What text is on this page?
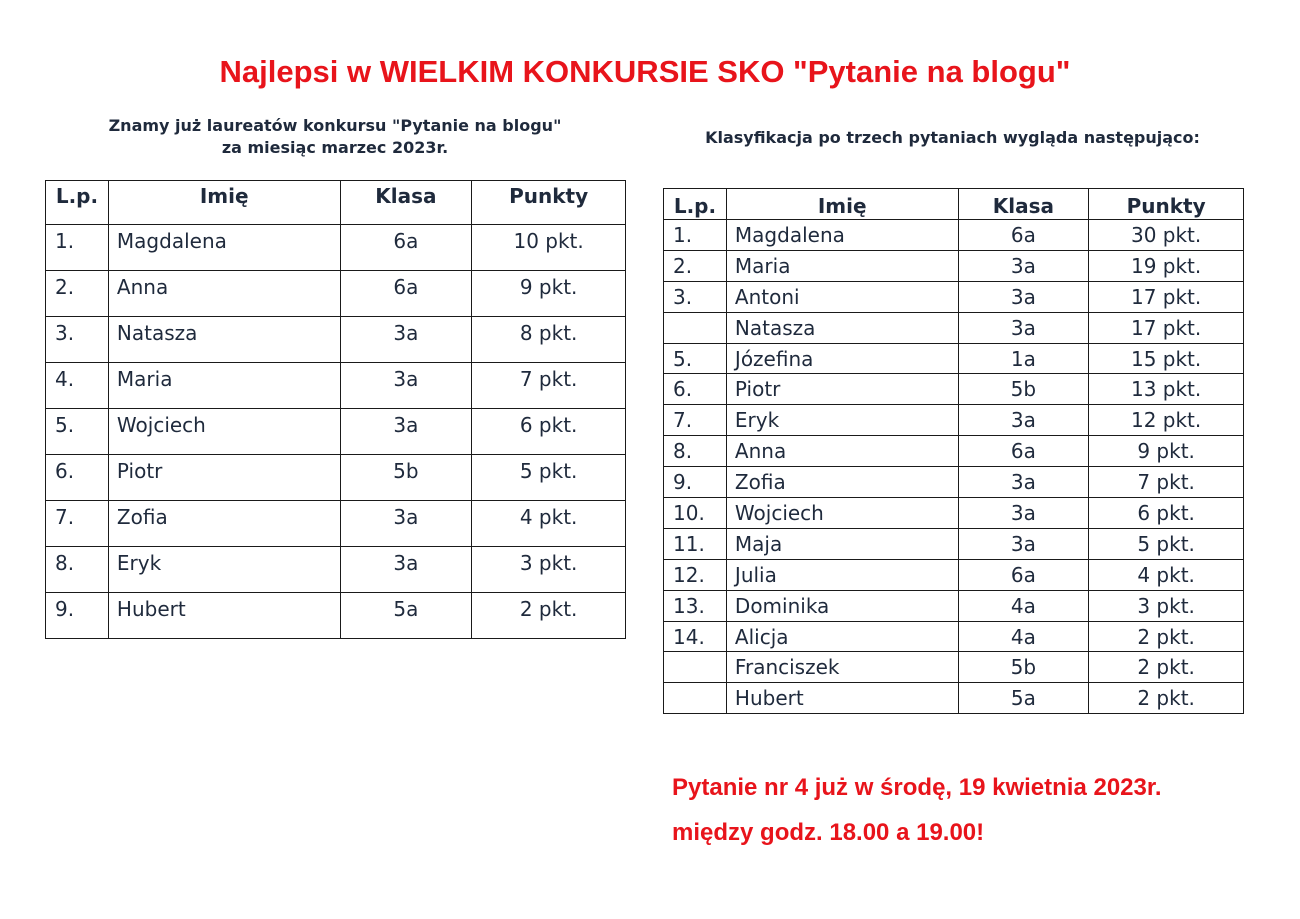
Najlepsi w WIELKIM KONKURSIE SKO "Pytanie na blogu"
Znamy już laureatów konkursu "Pytanie na blogu"
za miesiąc marzec 2023r.
Klasyfikacja po trzech pytaniach wygląda następująco:
L.p.	Imię	Klasa	Punkty
1.	Magdalena	6a	10 pkt.
2.	Anna	6a	9 pkt.
3.	Natasza	3a	8 pkt.
4.	Maria	3a	7 pkt.
5.	Wojciech	3a	6 pkt.
6.	Piotr	5b	5 pkt.
7.	Zofia	3a	4 pkt.
8.	Eryk	3a	3 pkt.
9.	Hubert	5a	2 pkt.
L.p.	Imię	Klasa	Punkty
1.	Magdalena	6a	30 pkt.
2.	Maria	3a	19 pkt.
3.	Antoni	3a	17 pkt.
	Natasza	3a	17 pkt.
5.	Józefina	1a	15 pkt.
6.	Piotr	5b	13 pkt.
7.	Eryk	3a	12 pkt.
8.	Anna	6a	9 pkt.
9.	Zofia	3a	7 pkt.
10.	Wojciech	3a	6 pkt.
11.	Maja	3a	5 pkt.
12.	Julia	6a	4 pkt.
13.	Dominika	4a	3 pkt.
14.	Alicja	4a	2 pkt.
	Franciszek	5b	2 pkt.
	Hubert	5a	2 pkt.
Pytanie nr 4 już w środę, 19 kwietnia 2023r.
między godz. 18.00 a 19.00!
